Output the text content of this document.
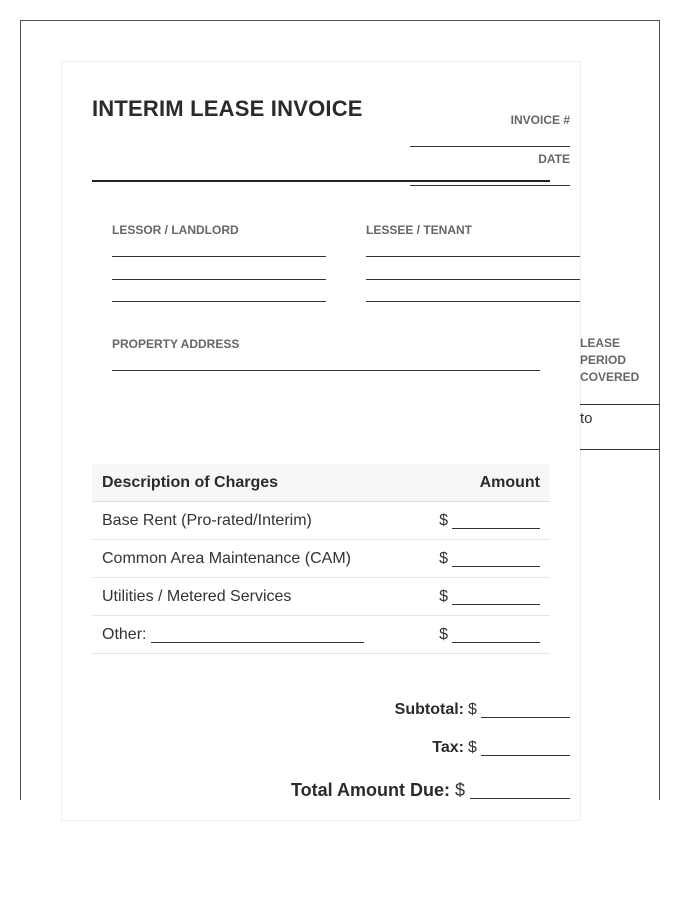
INTERIM LEASE INVOICE	INVOICE #
DATE
LESSOR / LANDLORD	LESSEE / TENANT
PROPERTY ADDRESS	LEASE
PERIOD
COVERED
to
Description of Charges	Amount
Base Rent (Pro-rated/Interim)	$
Common Area Maintenance (CAM)	$
Utilities / Metered Services	$
Other:	$
Subtotal: $
Tax: $
Total Amount Due: $
